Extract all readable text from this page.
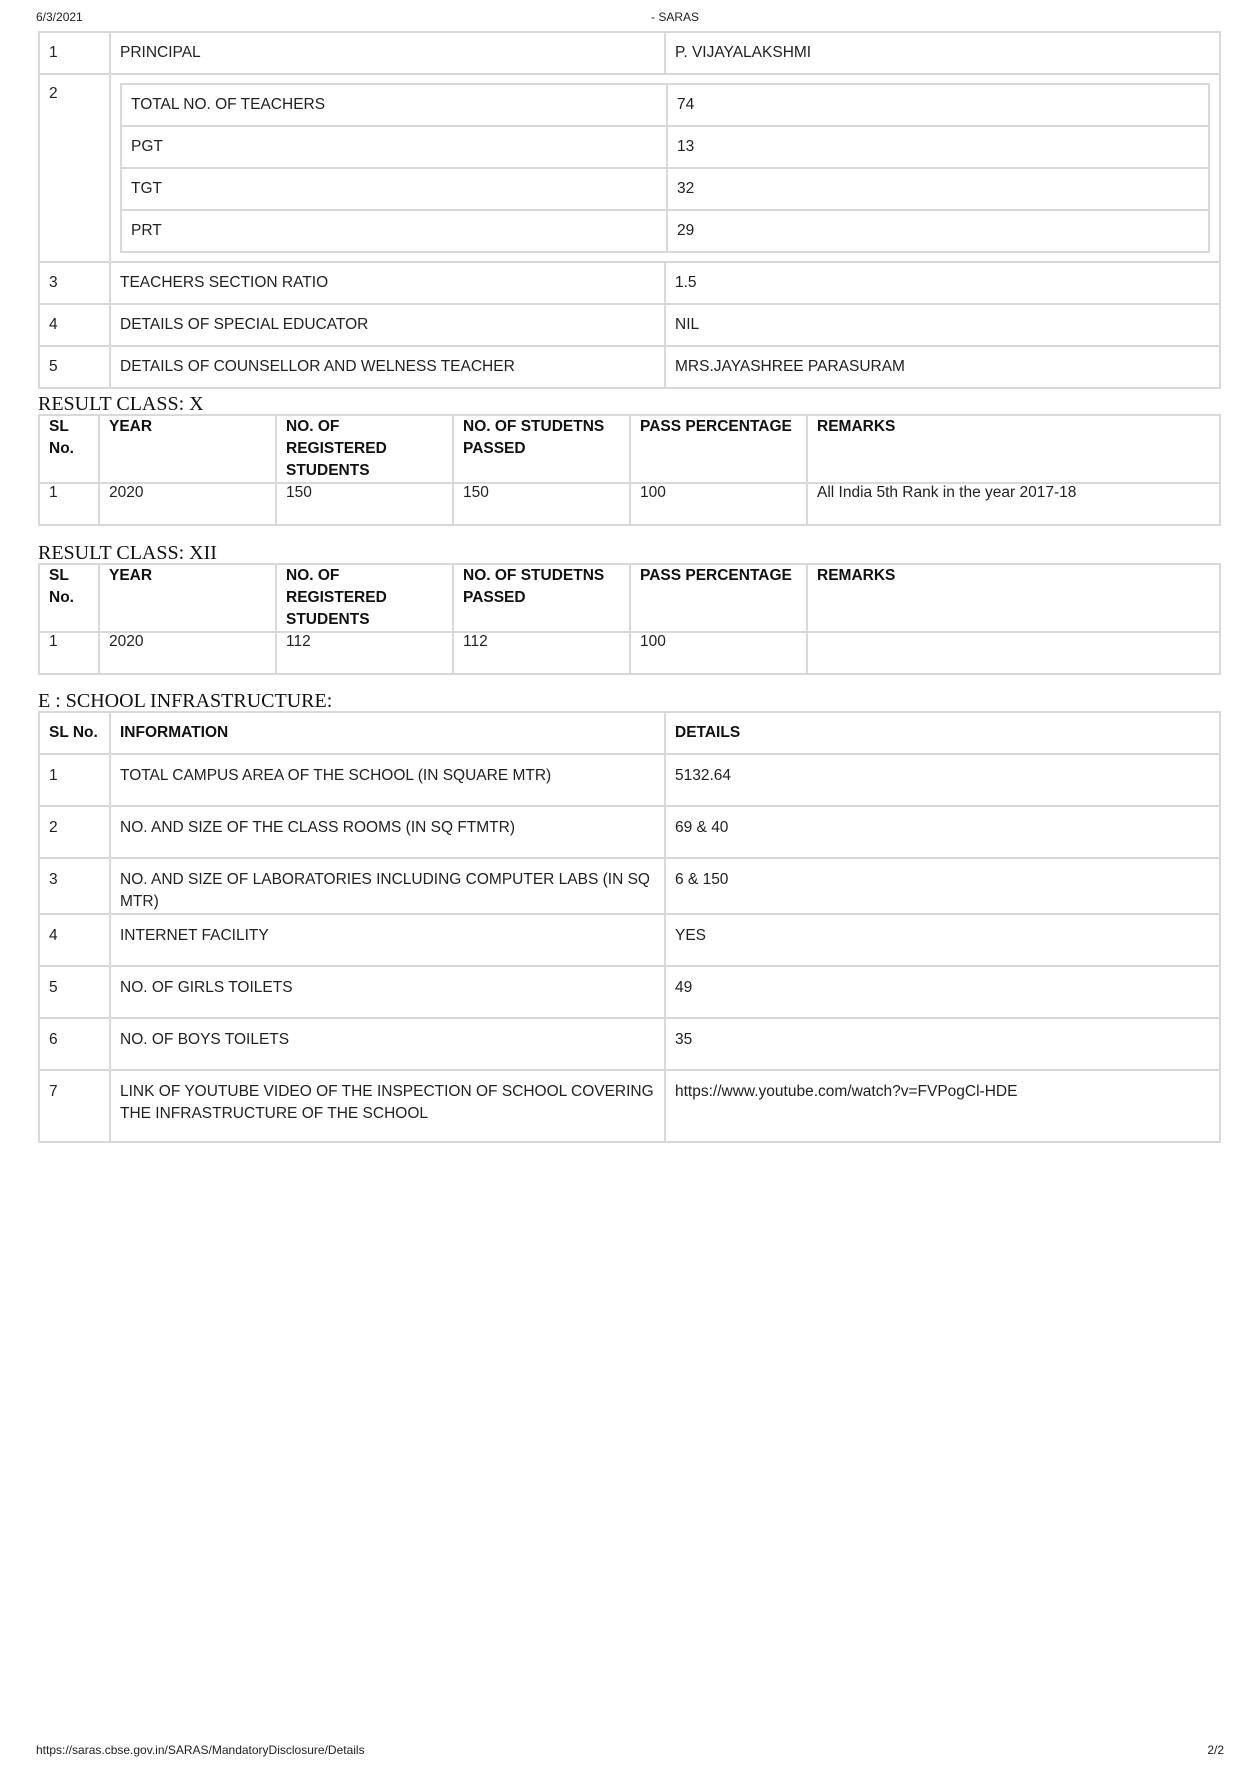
6/3/2021	- SARAS
1	PRINCIPAL	P. VIJAYALAKSHMI
2	
TOTAL NO. OF TEACHERS	74
PGT	13
TGT	32
PRT	29

3	TEACHERS SECTION RATIO	1.5
4	DETAILS OF SPECIAL EDUCATOR	NIL
5	DETAILS OF COUNSELLOR AND WELNESS TEACHER	MRS.JAYASHREE PARASURAM
RESULT CLASS: X
SL No.	YEAR	NO. OF REGISTERED STUDENTS	NO. OF STUDETNS PASSED	PASS PERCENTAGE	REMARKS
1	2020	150	150	100	All India 5th Rank in the year 2017-18
RESULT CLASS: XII
SL No.	YEAR	NO. OF REGISTERED STUDENTS	NO. OF STUDETNS PASSED	PASS PERCENTAGE	REMARKS
1	2020	112	112	100	
E : SCHOOL INFRASTRUCTURE:
SL No.	INFORMATION	DETAILS
1	TOTAL CAMPUS AREA OF THE SCHOOL (IN SQUARE MTR)	5132.64
2	NO. AND SIZE OF THE CLASS ROOMS (IN SQ FTMTR)	69 & 40
3	NO. AND SIZE OF LABORATORIES INCLUDING COMPUTER LABS (IN SQ MTR)	6 & 150
4	INTERNET FACILITY	YES
5	NO. OF GIRLS TOILETS	49
6	NO. OF BOYS TOILETS	35
7	LINK OF YOUTUBE VIDEO OF THE INSPECTION OF SCHOOL COVERING THE INFRASTRUCTURE OF THE SCHOOL	https://www.youtube.com/watch?v=FVPogCl-HDE
https://saras.cbse.gov.in/SARAS/MandatoryDisclosure/Details	2/2
